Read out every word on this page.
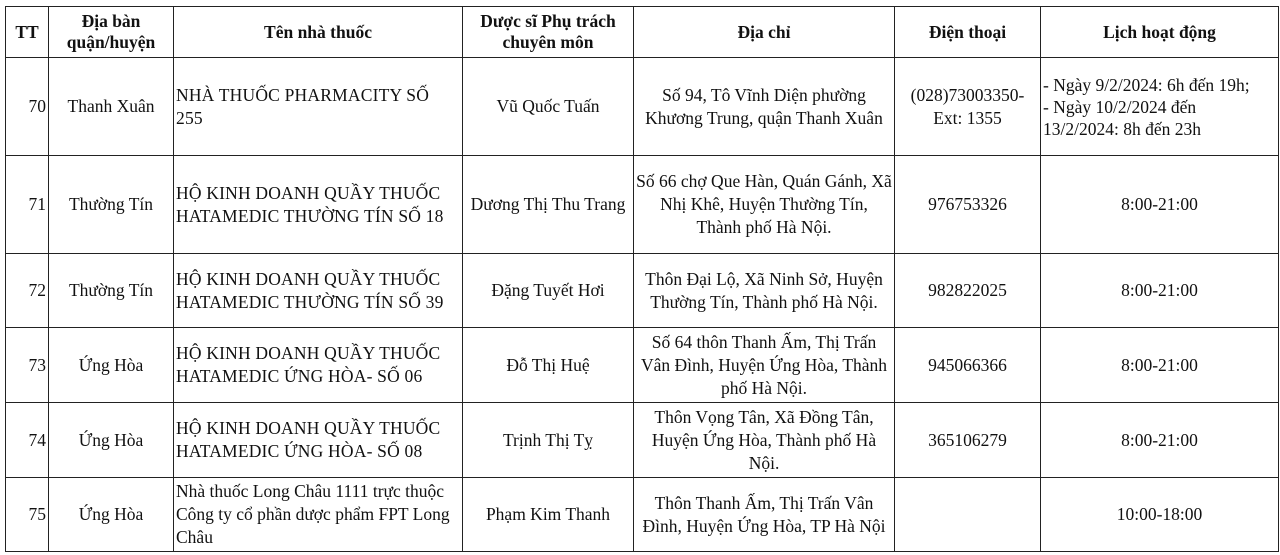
TT	Địa bàn quận/huyện	Tên nhà thuốc	Dược sĩ Phụ trách chuyên môn	Địa chỉ	Điện thoại	Lịch hoạt động
70	Thanh Xuân	NHÀ THUỐC PHARMACITY SỐ 255	Vũ Quốc Tuấn	Số 94, Tô Vĩnh Diện phường Khương Trung, quận Thanh Xuân	(028)73003350-Ext: 1355	- Ngày 9/2/2024: 6h đến 19h;
- Ngày 10/2/2024 đến
13/2/2024: 8h đến 23h

71	Thường Tín	HỘ KINH DOANH QUẦY THUỐC HATAMEDIC THƯỜNG TÍN SỐ 18	Dương Thị Thu Trang	Số 66 chợ Que Hàn, Quán Gánh, Xã Nhị Khê, Huyện Thường Tín, Thành phố Hà Nội.	976753326	8:00-21:00
72	Thường Tín	HỘ KINH DOANH QUẦY THUỐC HATAMEDIC THƯỜNG TÍN SỐ 39	Đặng Tuyết Hơi	Thôn Đại Lộ, Xã Ninh Sở, Huyện Thường Tín, Thành phố Hà Nội.	982822025	8:00-21:00
73	Ứng Hòa	HỘ KINH DOANH QUẦY THUỐC HATAMEDIC ỨNG HÒA- SỐ 06	Đỗ Thị Huệ	Số 64 thôn Thanh Ấm, Thị Trấn Vân Đình, Huyện Ứng Hòa, Thành phố Hà Nội.	945066366	8:00-21:00
74	Ứng Hòa	HỘ KINH DOANH QUẦY THUỐC HATAMEDIC ỨNG HÒA- SỐ 08	Trịnh Thị Tỵ	Thôn Vọng Tân, Xã Đồng Tân, Huyện Ứng Hòa, Thành phố Hà Nội.	365106279	8:00-21:00
75	Ứng Hòa	Nhà thuốc Long Châu 1111 trực thuộc Công ty cổ phần dược phẩm FPT Long Châu	Phạm Kim Thanh	Thôn Thanh Ấm, Thị Trấn Vân Đình, Huyện Ứng Hòa, TP Hà Nội		10:00-18:00
